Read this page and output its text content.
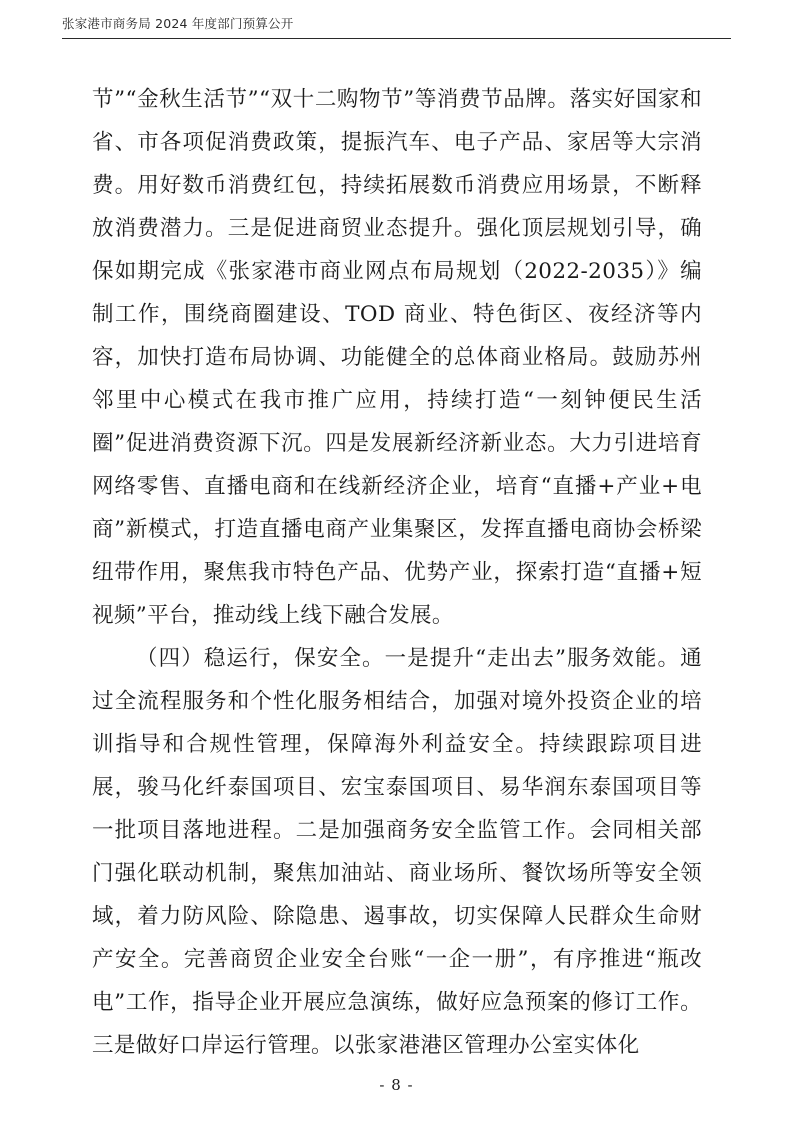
张家港市商务局 2024 年度部门预算公开

节”“金秋生活节”“双十二购物节”等消费节品牌。落实好国家和省、市各项促消费政策，提振汽车、电子产品、家居等大宗消费。用好数币消费红包，持续拓展数币消费应用场景，不断释放消费潜力。三是促进商贸业态提升。强化顶层规划引导，确保如期完成《张家港市商业网点布局规划（2022-2035）》编制工作，围绕商圈建设、TOD 商业、特色街区、夜经济等内容，加快打造布局协调、功能健全的总体商业格局。鼓励苏州邻里中心模式在我市推广应用，持续打造“一刻钟便民生活圈”促进消费资源下沉。四是发展新经济新业态。大力引进培育网络零售、直播电商和在线新经济企业，培育“直播+产业+电商”新模式，打造直播电商产业集聚区，发挥直播电商协会桥梁纽带作用，聚焦我市特色产品、优势产业，探索打造“直播+短视频”平台，推动线上线下融合发展。

（四）稳运行，保安全。一是提升“走出去”服务效能。通过全流程服务和个性化服务相结合，加强对境外投资企业的培训指导和合规性管理，保障海外利益安全。持续跟踪项目进展，骏马化纤泰国项目、宏宝泰国项目、易华润东泰国项目等一批项目落地进程。二是加强商务安全监管工作。会同相关部门强化联动机制，聚焦加油站、商业场所、餐饮场所等安全领域，着力防风险、除隐患、遏事故，切实保障人民群众生命财产安全。完善商贸企业安全台账“一企一册”，有序推进“瓶改电”工作，指导企业开展应急演练，做好应急预案的修订工作。三是做好口岸运行管理。以张家港港区管理办公室实体化

- 8 -
